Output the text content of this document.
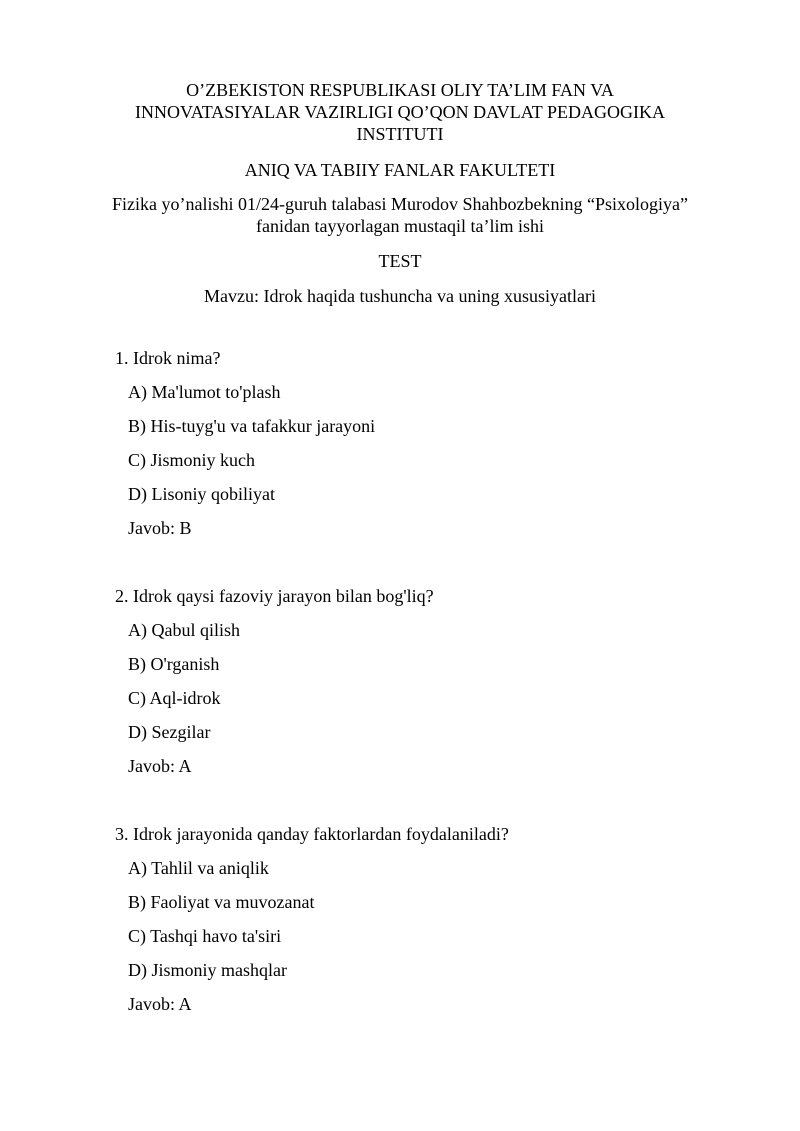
O’ZBEKISTON RESPUBLIKASI OLIY TA’LIM FAN VA INNOVATASIYALAR VAZIRLIGI QO’QON DAVLAT PEDAGOGIKA INSTITUTI
ANIQ VA TABIIY FANLAR FAKULTETI
Fizika yo’nalishi 01/24-guruh talabasi Murodov Shahbozbekning “Psixologiya” fanidan tayyorlagan mustaqil ta’lim ishi
TEST
Mavzu: Idrok haqida tushuncha va uning xususiyatlari
1. Idrok nima?
A) Ma'lumot to'plash
B) His-tuyg'u va tafakkur jarayoni
C) Jismoniy kuch
D) Lisoniy qobiliyat
Javob: B
2. Idrok qaysi fazoviy jarayon bilan bog'liq?
A) Qabul qilish
B) O'rganish
C) Aql-idrok
D) Sezgilar
Javob: A
3. Idrok jarayonida qanday faktorlardan foydalaniladi?
A) Tahlil va aniqlik
B) Faoliyat va muvozanat
C) Tashqi havo ta'siri
D) Jismoniy mashqlar
Javob: A
